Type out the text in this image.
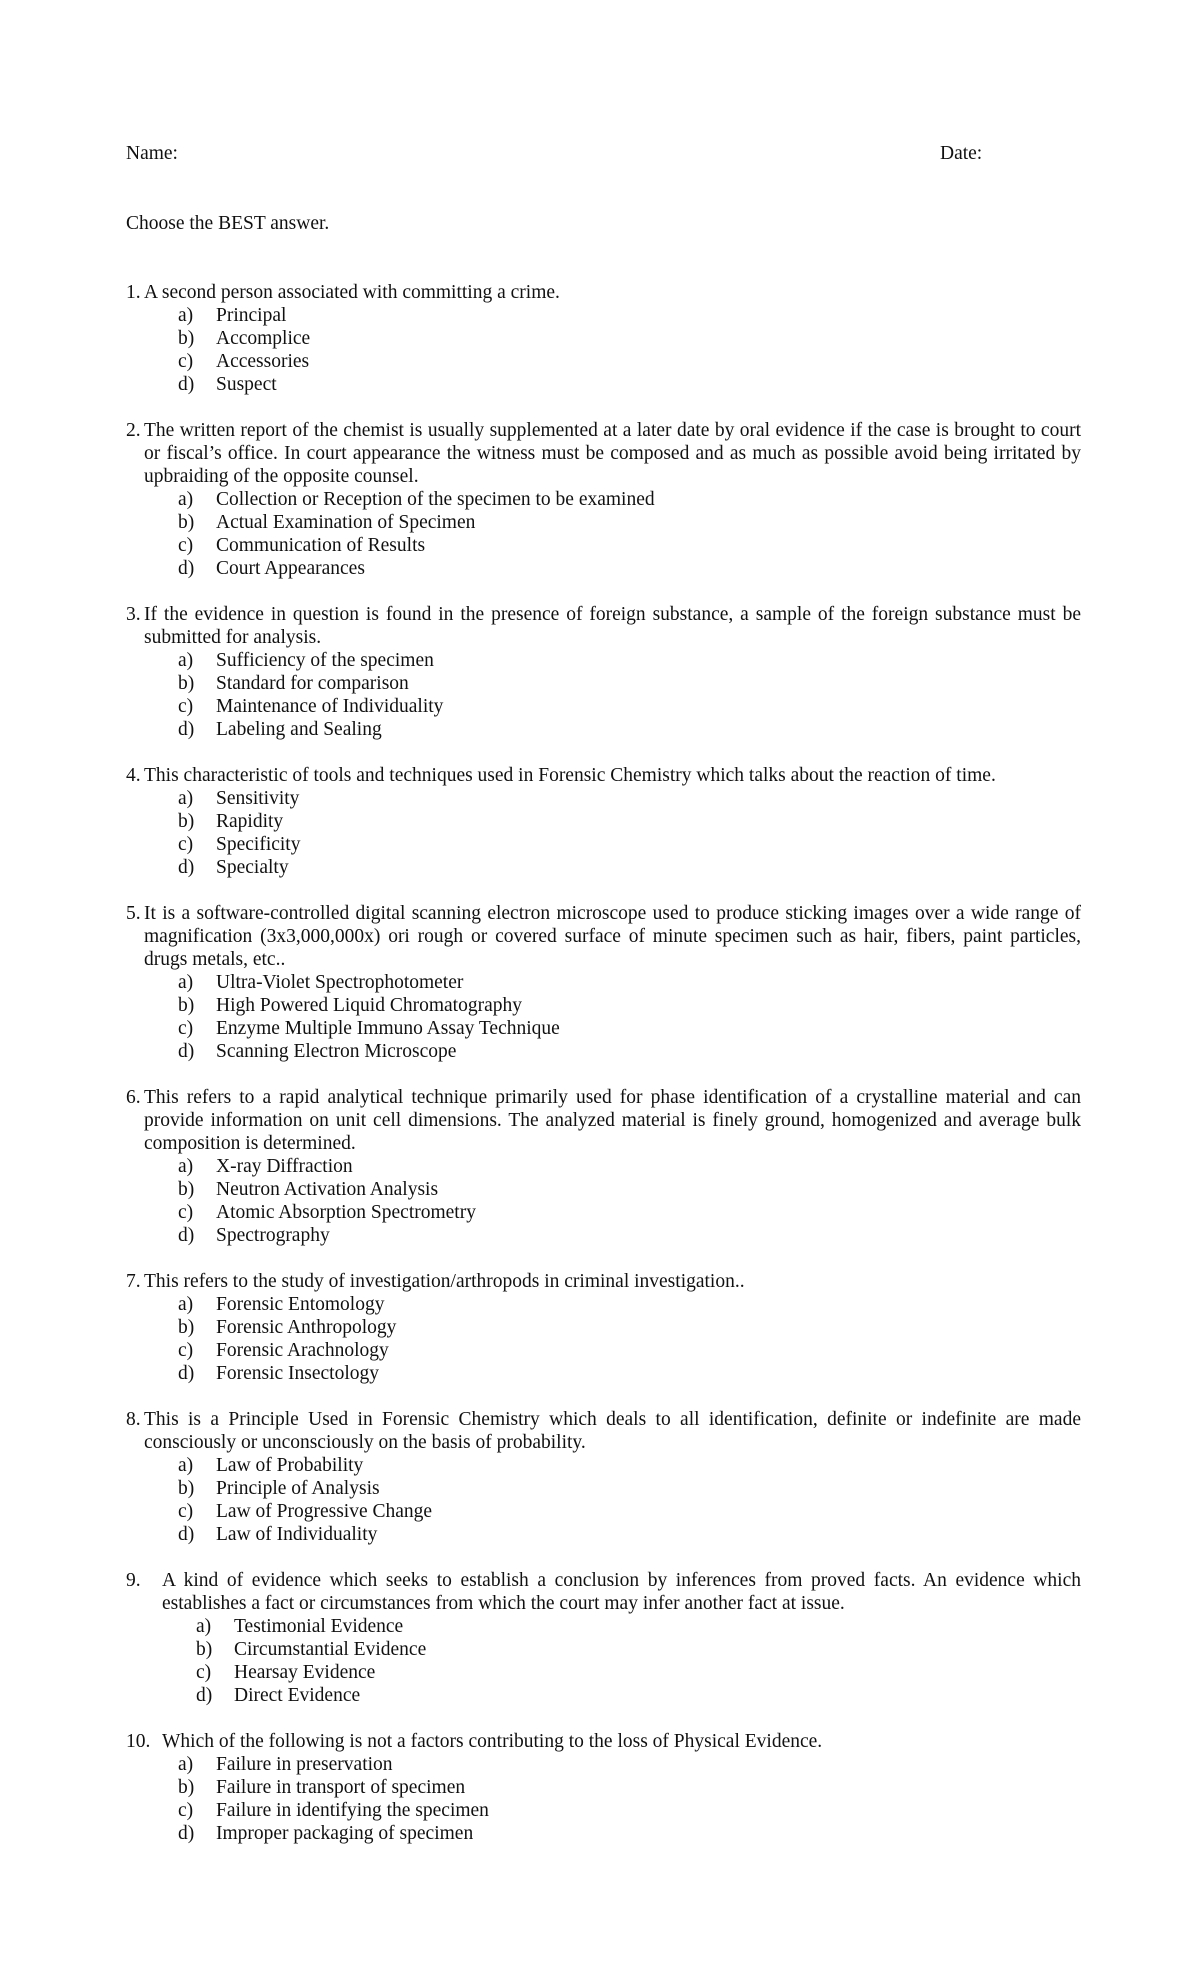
Name:	Date:
Choose the BEST answer.
1. A second person associated with committing a crime.
a)	Principal
b)	Accomplice
c)	Accessories
d)	Suspect
2. The written report of the chemist is usually supplemented at a later date by oral evidence if the case is brought to court or fiscal’s office. In court appearance the witness must be composed and as much as possible avoid being irritated by upbraiding of the opposite counsel.
a)	Collection or Reception of the specimen to be examined
b)	Actual Examination of Specimen
c)	Communication of Results
d)	Court Appearances
3. If the evidence in question is found in the presence of foreign substance, a sample of the foreign substance must be submitted for analysis.
a)	Sufficiency of the specimen
b)	Standard for comparison
c)	Maintenance of Individuality
d)	Labeling and Sealing
4. This characteristic of tools and techniques used in Forensic Chemistry which talks about the reaction of time.
a)	Sensitivity
b)	Rapidity
c)	Specificity
d)	Specialty
5. It is a software-controlled digital scanning electron microscope used to produce sticking images over a wide range of magnification (3x3,000,000x) ori rough or covered surface of minute specimen such as hair, fibers, paint particles, drugs metals, etc..
a)	Ultra-Violet Spectrophotometer
b)	High Powered Liquid Chromatography
c)	Enzyme Multiple Immuno Assay Technique
d)	Scanning Electron Microscope
6. This refers to a rapid analytical technique primarily used for phase identification of a crystalline material and can provide information on unit cell dimensions. The analyzed material is finely ground, homogenized and average bulk composition is determined.
a)	X-ray Diffraction
b)	Neutron Activation Analysis
c)	Atomic Absorption Spectrometry
d)	Spectrography
7. This refers to the study of investigation/arthropods in criminal investigation..
a)	Forensic Entomology
b)	Forensic Anthropology
c)	Forensic Arachnology
d)	Forensic Insectology
8. This is a Principle Used in Forensic Chemistry which deals to all identification, definite or indefinite are made consciously or unconsciously on the basis of probability.
a)	Law of Probability
b)	Principle of Analysis
c)	Law of Progressive Change
d)	Law of Individuality
9.	A kind of evidence which seeks to establish a conclusion by inferences from proved facts. An evidence which establishes a fact or circumstances from which the court may infer another fact at issue.
a)	Testimonial Evidence
b)	Circumstantial Evidence
c)	Hearsay Evidence
d)	Direct Evidence
10. Which of the following is not a factors contributing to the loss of Physical Evidence.
a)	Failure in preservation
b)	Failure in transport of specimen
c)	Failure in identifying the specimen
d)	Improper packaging of specimen
